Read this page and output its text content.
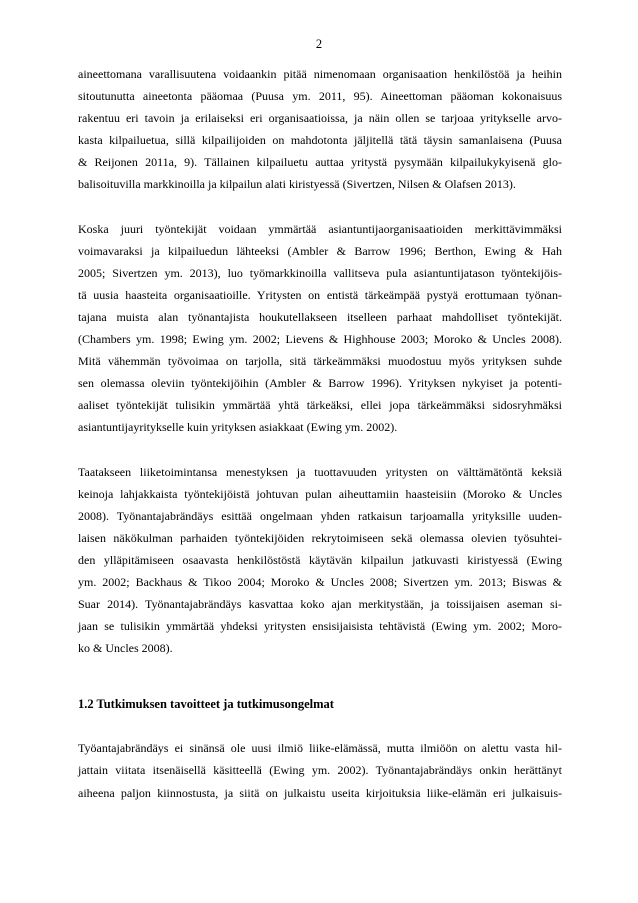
2

aineettomana varallisuutena voidaankin pitää nimenomaan organisaation henkilöstöä ja heihin
sitoutunutta aineetonta pääomaa (Puusa ym. 2011, 95). Aineettoman pääoman kokonaisuus
rakentuu eri tavoin ja erilaiseksi eri organisaatioissa, ja näin ollen se tarjoaa yritykselle arvo-
kasta kilpailuetua, sillä kilpailijoiden on mahdotonta jäljitellä tätä täysin samanlaisena (Puusa
& Reijonen 2011a, 9). Tällainen kilpailuetu auttaa yritystä pysymään kilpailukykyisenä glo-
balisoituvilla markkinoilla ja kilpailun alati kiristyessä (Sivertzen, Nilsen & Olafsen 2013).

Koska juuri työntekijät voidaan ymmärtää asiantuntijaorganisaatioiden merkittävimmäksi
voimavaraksi ja kilpailuedun lähteeksi (Ambler & Barrow 1996; Berthon, Ewing & Hah
2005; Sivertzen ym. 2013), luo työmarkkinoilla vallitseva pula asiantuntijatason työntekijöis-
tä uusia haasteita organisaatioille. Yritysten on entistä tärkeämpää pystyä erottumaan työnan-
tajana muista alan työnantajista houkutellakseen itselleen parhaat mahdolliset työntekijät.
(Chambers ym. 1998; Ewing ym. 2002; Lievens & Highhouse 2003; Moroko & Uncles 2008).
Mitä vähemmän työvoimaa on tarjolla, sitä tärkeämmäksi muodostuu myös yrityksen suhde
sen olemassa oleviin työntekijöihin (Ambler & Barrow 1996). Yrityksen nykyiset ja potenti-
aaliset työntekijät tulisikin ymmärtää yhtä tärkeäksi, ellei jopa tärkeämmäksi sidosryhmäksi
asiantuntijayritykselle kuin yrityksen asiakkaat (Ewing ym. 2002).

Taatakseen liiketoimintansa menestyksen ja tuottavuuden yritysten on välttämätöntä keksiä
keinoja lahjakkaista työntekijöistä johtuvan pulan aiheuttamiin haasteisiin (Moroko & Uncles
2008). Työnantajabrändäys esittää ongelmaan yhden ratkaisun tarjoamalla yrityksille uuden-
laisen näkökulman parhaiden työntekijöiden rekrytoimiseen sekä olemassa olevien työsuhtei-
den ylläpitämiseen osaavasta henkilöstöstä käytävän kilpailun jatkuvasti kiristyessä (Ewing
ym. 2002; Backhaus & Tikoo 2004; Moroko & Uncles 2008; Sivertzen ym. 2013; Biswas &
Suar 2014). Työnantajabrändäys kasvattaa koko ajan merkitystään, ja toissijaisen aseman si-
jaan se tulisikin ymmärtää yhdeksi yritysten ensisijaisista tehtävistä (Ewing ym. 2002; Moro-
ko & Uncles 2008).

1.2 Tutkimuksen tavoitteet ja tutkimusongelmat

Työantajabrändäys ei sinänsä ole uusi ilmiö liike-elämässä, mutta ilmiöön on alettu vasta hil-
jattain viitata itsenäisellä käsitteellä (Ewing ym. 2002). Työnantajabrändäys onkin herättänyt
aiheena paljon kiinnostusta, ja siitä on julkaistu useita kirjoituksia liike-elämän eri julkaisuis-
